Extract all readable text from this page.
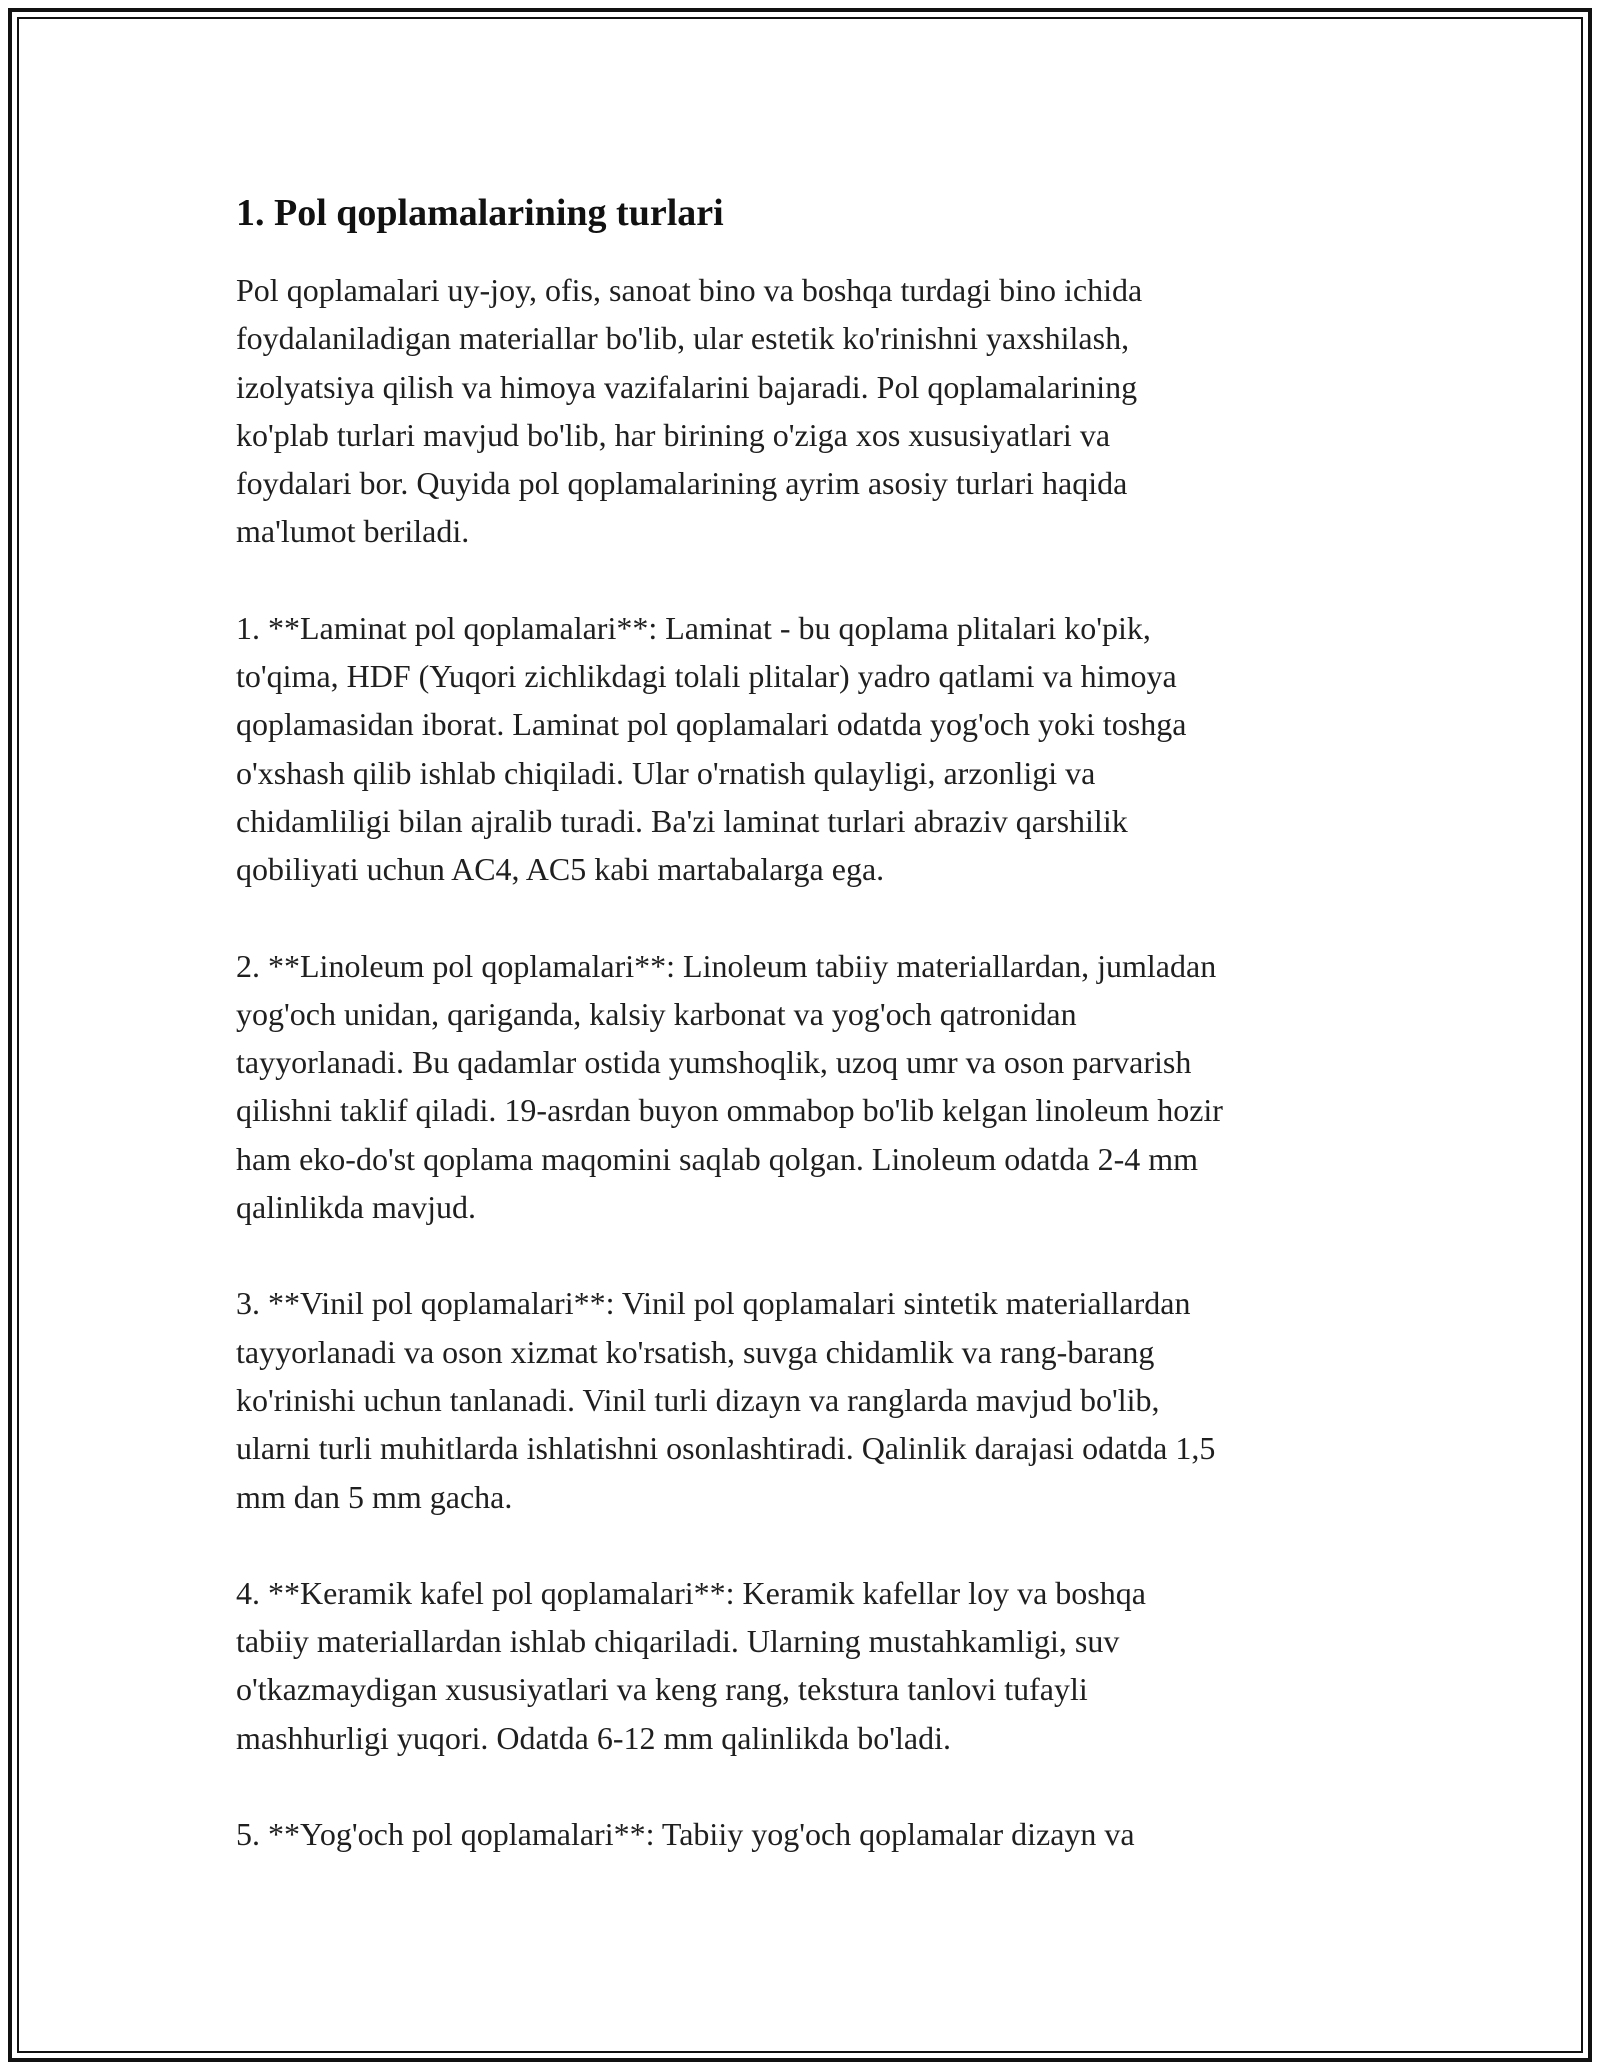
1. Pol qoplamalarining turlari

Pol qoplamalari uy-joy, ofis, sanoat bino va boshqa turdagi bino ichida
foydalaniladigan materiallar bo'lib, ular estetik ko'rinishni yaxshilash,
izolyatsiya qilish va himoya vazifalarini bajaradi. Pol qoplamalarining
ko'plab turlari mavjud bo'lib, har birining o'ziga xos xususiyatlari va
foydalari bor. Quyida pol qoplamalarining ayrim asosiy turlari haqida
ma'lumot beriladi.

1. **Laminat pol qoplamalari**: Laminat - bu qoplama plitalari ko'pik,
to'qima, HDF (Yuqori zichlikdagi tolali plitalar) yadro qatlami va himoya
qoplamasidan iborat. Laminat pol qoplamalari odatda yog'och yoki toshga
o'xshash qilib ishlab chiqiladi. Ular o'rnatish qulayligi, arzonligi va
chidamliligi bilan ajralib turadi. Ba'zi laminat turlari abraziv qarshilik
qobiliyati uchun AC4, AC5 kabi martabalarga ega.

2. **Linoleum pol qoplamalari**: Linoleum tabiiy materiallardan, jumladan
yog'och unidan, qariganda, kalsiy karbonat va yog'och qatronidan
tayyorlanadi. Bu qadamlar ostida yumshoqlik, uzoq umr va oson parvarish
qilishni taklif qiladi. 19-asrdan buyon ommabop bo'lib kelgan linoleum hozir
ham eko-do'st qoplama maqomini saqlab qolgan. Linoleum odatda 2-4 mm
qalinlikda mavjud.

3. **Vinil pol qoplamalari**: Vinil pol qoplamalari sintetik materiallardan
tayyorlanadi va oson xizmat ko'rsatish, suvga chidamlik va rang-barang
ko'rinishi uchun tanlanadi. Vinil turli dizayn va ranglarda mavjud bo'lib,
ularni turli muhitlarda ishlatishni osonlashtiradi. Qalinlik darajasi odatda 1,5
mm dan 5 mm gacha.

4. **Keramik kafel pol qoplamalari**: Keramik kafellar loy va boshqa
tabiiy materiallardan ishlab chiqariladi. Ularning mustahkamligi, suv
o'tkazmaydigan xususiyatlari va keng rang, tekstura tanlovi tufayli
mashhurligi yuqori. Odatda 6-12 mm qalinlikda bo'ladi.

5. **Yog'och pol qoplamalari**: Tabiiy yog'och qoplamalar dizayn va
